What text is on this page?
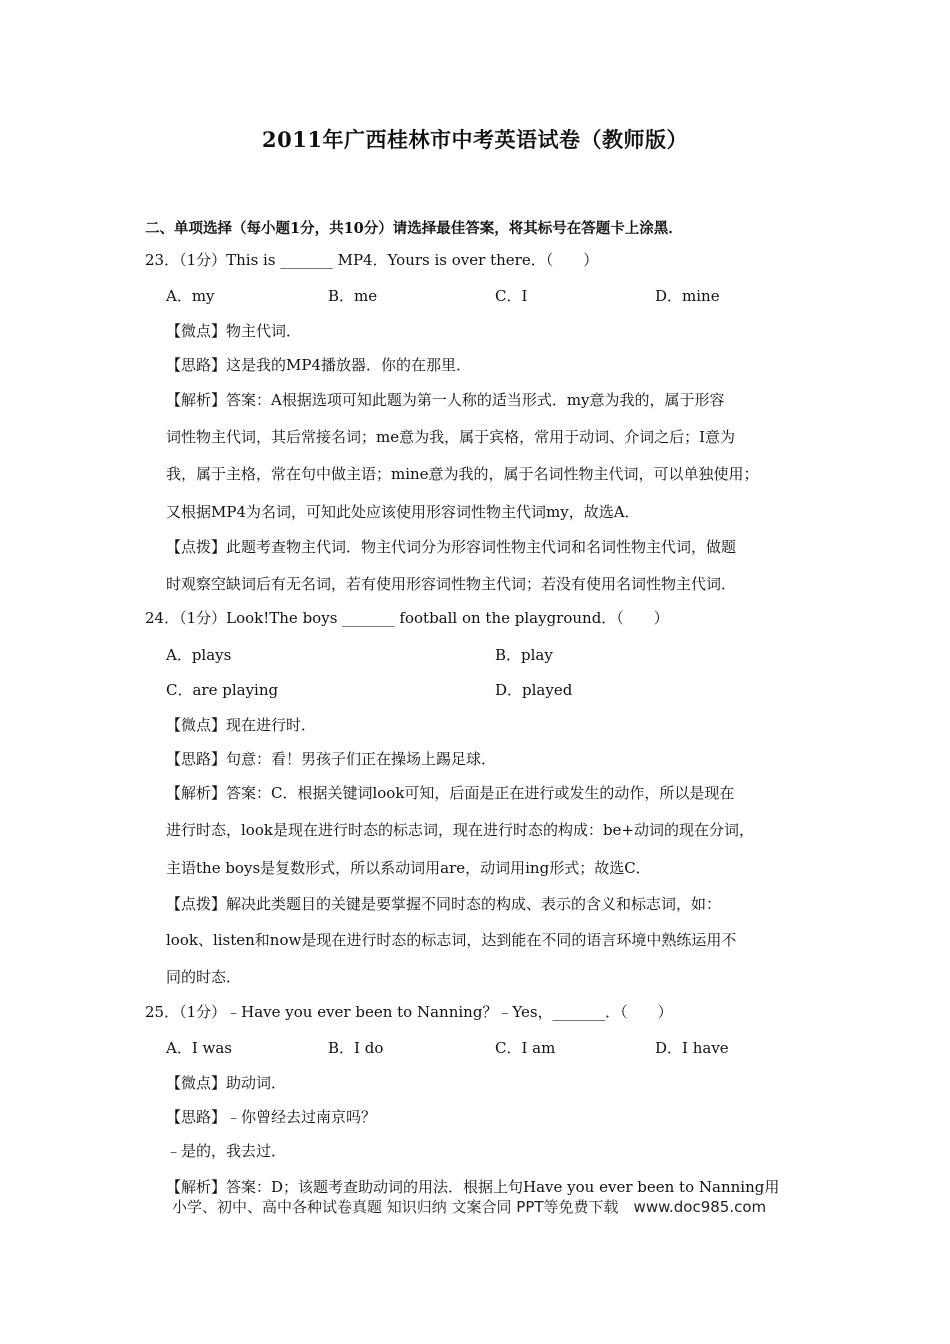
2011年广西桂林市中考英语试卷（教师版）
二、单项选择（每小题1分，共10分）请选择最佳答案，将其标号在答题卡上涂黑．
23．（1分）This is _______ MP4．Yours is over there．（　　）
A．my	B．me	C．I	D．mine
【微点】物主代词．
【思路】这是我的MP4播放器．你的在那里．
【解析】答案：A根据选项可知此题为第一人称的适当形式．my意为我的，属于形容
词性物主代词，其后常接名词；me意为我，属于宾格，常用于动词、介词之后；I意为
我，属于主格，常在句中做主语；mine意为我的，属于名词性物主代词，可以单独使用；
又根据MP4为名词，可知此处应该使用形容词性物主代词my，故选A．
【点拨】此题考查物主代词．物主代词分为形容词性物主代词和名词性物主代词，做题
时观察空缺词后有无名词，若有使用形容词性物主代词；若没有使用名词性物主代词．
24．（1分）Look!The boys _______ football on the playground．（　　）
A．plays	B．play
C．are playing	D．played
【微点】现在进行时．
【思路】句意：看！男孩子们正在操场上踢足球．
【解析】答案：C．根据关键词look可知，后面是正在进行或发生的动作，所以是现在
进行时态，look是现在进行时态的标志词，现在进行时态的构成：be+动词的现在分词，
主语the boys是复数形式，所以系动词用are，动词用ing形式；故选C．
【点拨】解决此类题目的关键是要掌握不同时态的构成、表示的含义和标志词，如：
look、listen和now是现在进行时态的标志词，达到能在不同的语言环境中熟练运用不
同的时态．
25．（1分）﹣Have you ever been to Nanning？﹣Yes，_______．（　　）
A．I was	B．I do	C．I am	D．I have
【微点】助动词．
【思路】﹣你曾经去过南京吗？
﹣是的，我去过．
【解析】答案：D；该题考查助动词的用法．根据上句Have you ever been to Nanning用
小学、初中、高中各种试卷真题 知识归纳 文案合同 PPT等免费下载　www.doc985.com
